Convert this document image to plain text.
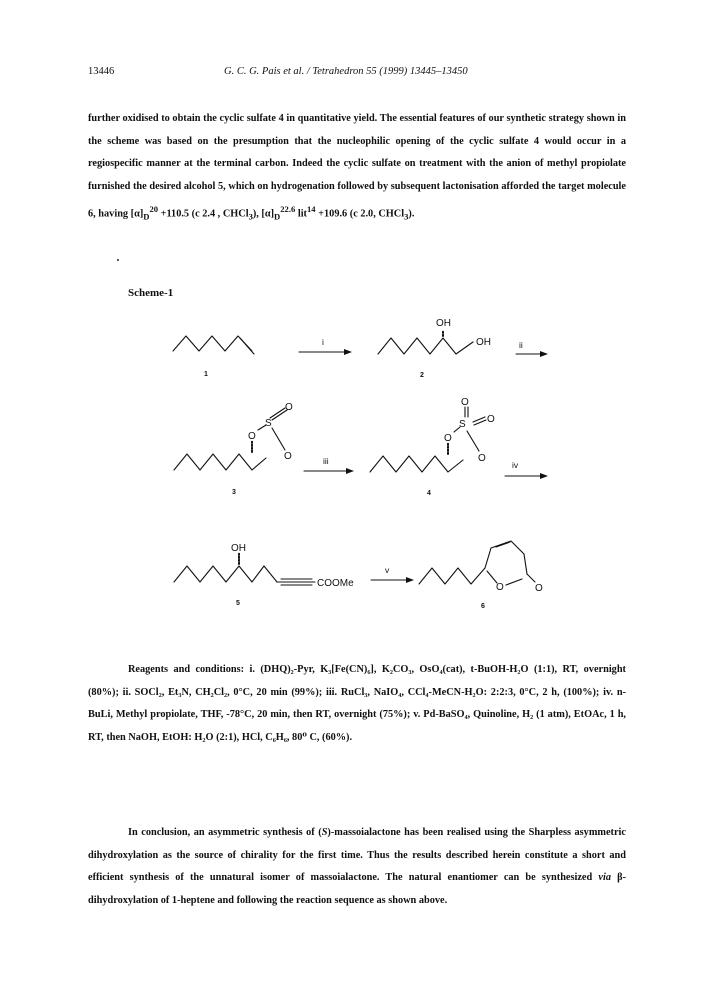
13446	G. C. G. Pais et al. / Tetrahedron 55 (1999) 13445–13450
further oxidised to obtain the cyclic sulfate 4 in quantitative yield. The essential features of our synthetic strategy shown in the scheme was based on the presumption that the nucleophilic opening of the cyclic sulfate 4 would occur in a regiospecific manner at the terminal carbon. Indeed the cyclic sulfate on treatment with the anion of methyl propiolate furnished the desired alcohol 5, which on hydrogenation followed by subsequent lactonisation afforded the target molecule 6, having $[\alpha]_D^{20} +110.5$ (c 2.4 , CHCl$_3$), $[\alpha]_D^{22.6}$ lit$^{14}$ +109.6 (c 2.0, CHCl$_3$).
Scheme-1
1
i
OH
OH
2
ii
O
S
O
O
3
iii
O
O
S O
O
4
iv
OH
COOMe
5
v
O	O
6
Reagents and conditions: i. (DHQ)₂-Pyr, K₃[Fe(CN)₆], K₂CO₃, OsO₄(cat), t-BuOH-H₂O (1:1), RT, overnight (80%); ii. SOCl₂, Et₃N, CH₂Cl₂, 0°C, 20 min (99%); iii. RuCl₃, NaIO₄, CCl₄-MeCN-H₂O: 2:2:3, 0°C, 2 h, (100%); iv. n-BuLi, Methyl propiolate, THF, -78°C, 20 min, then RT, overnight (75%); v. Pd-BaSO₄, Quinoline, H₂ (1 atm), EtOAc, 1 h, RT, then NaOH, EtOH: H₂O (2:1), HCl, C₆H₆, 80⁰ C, (60%).
In conclusion, an asymmetric synthesis of (S)-massoialactone has been realised using the Sharpless asymmetric dihydroxylation as the source of chirality for the first time. Thus the results described herein constitute a short and efficient synthesis of the unnatural isomer of massoialactone. The natural enantiomer can be synthesized via β-dihydroxylation of 1-heptene and following the reaction sequence as shown above.
